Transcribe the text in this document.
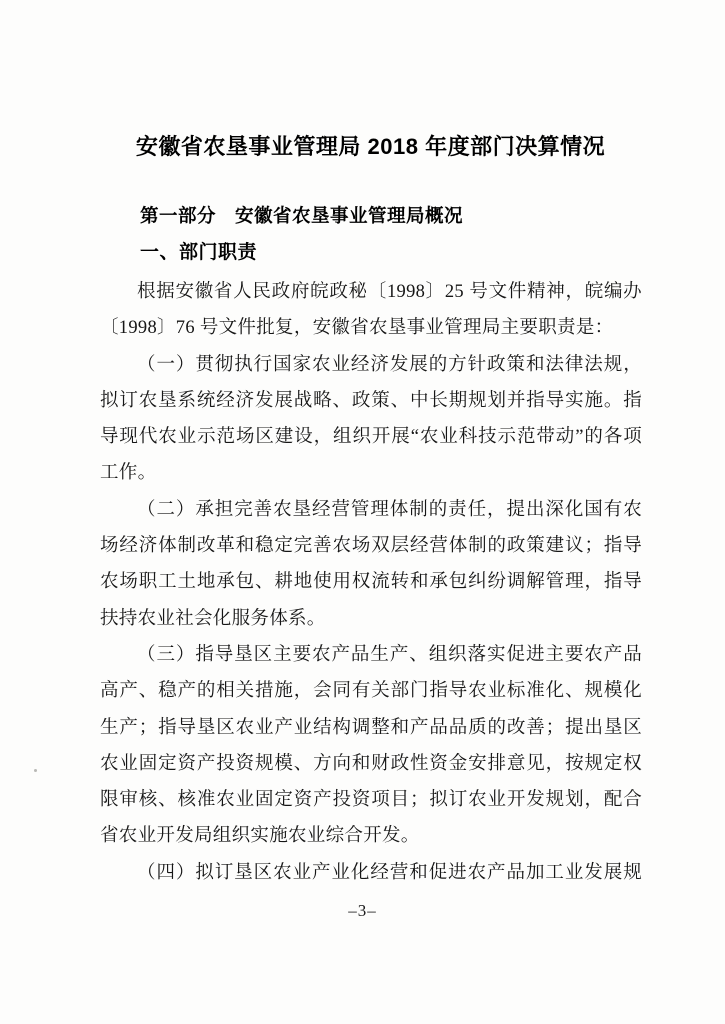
安徽省农垦事业管理局 2018 年度部门决算情况
第一部分　安徽省农垦事业管理局概况
一、部门职责
根据安徽省人民政府皖政秘〔1998〕25 号文件精神，皖编办
〔1998〕76 号文件批复，安徽省农垦事业管理局主要职责是：
（一）贯彻执行国家农业经济发展的方针政策和法律法规，
拟订农垦系统经济发展战略、政策、中长期规划并指导实施。指
导现代农业示范场区建设，组织开展“农业科技示范带动”的各项
工作。
（二）承担完善农垦经营管理体制的责任，提出深化国有农
场经济体制改革和稳定完善农场双层经营体制的政策建议；指导
农场职工土地承包、耕地使用权流转和承包纠纷调解管理，指导
扶持农业社会化服务体系。
（三）指导垦区主要农产品生产、组织落实促进主要农产品
高产、稳产的相关措施，会同有关部门指导农业标准化、规模化
生产；指导垦区农业产业结构调整和产品品质的改善；提出垦区
农业固定资产投资规模、方向和财政性资金安排意见，按规定权
限审核、核准农业固定资产投资项目；拟订农业开发规划，配合
省农业开发局组织实施农业综合开发。
（四）拟订垦区农业产业化经营和促进农产品加工业发展规
–3–
